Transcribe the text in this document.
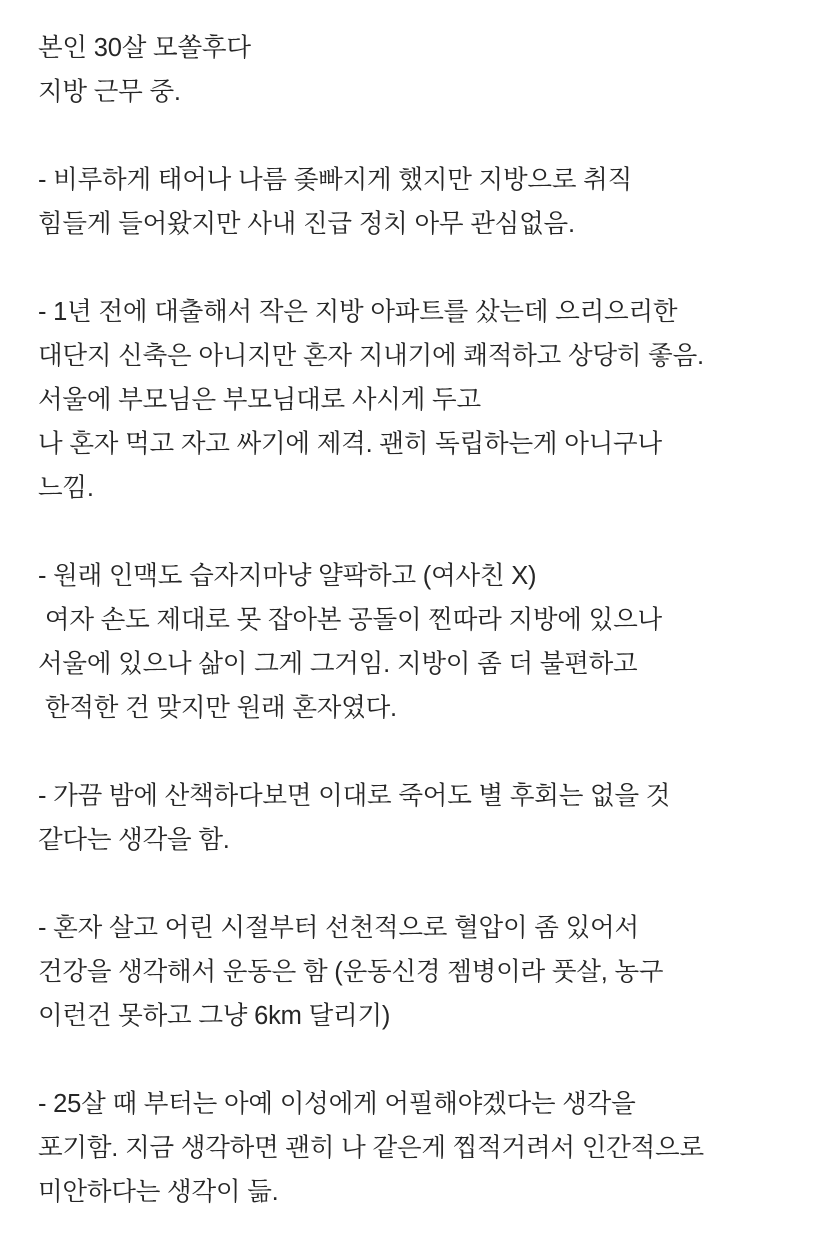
본인 30살 모쏠후다
지방 근무 중.
- 비루하게 태어나 나름 좆빠지게 했지만 지방으로 취직
힘들게 들어왔지만 사내 진급 정치 아무 관심없음.
- 1년 전에 대출해서 작은 지방 아파트를 샀는데 으리으리한
대단지 신축은 아니지만 혼자 지내기에 쾌적하고 상당히 좋음.
서울에 부모님은 부모님대로 사시게 두고
나 혼자 먹고 자고 싸기에 제격. 괜히 독립하는게 아니구나
느낌.
- 원래 인맥도 습자지마냥 얄팍하고 (여사친 X)
여자 손도 제대로 못 잡아본 공돌이 찐따라 지방에 있으나
서울에 있으나 삶이 그게 그거임. 지방이 좀 더 불편하고
한적한 건 맞지만 원래 혼자였다.
- 가끔 밤에 산책하다보면 이대로 죽어도 별 후회는 없을 것
같다는 생각을 함.
- 혼자 살고 어린 시절부터 선천적으로 혈압이 좀 있어서
건강을 생각해서 운동은 함 (운동신경 젬병이라 풋살, 농구
이런건 못하고 그냥 6km 달리기)
- 25살 때 부터는 아예 이성에게 어필해야겠다는 생각을
포기함. 지금 생각하면 괜히 나 같은게 찝적거려서 인간적으로
미안하다는 생각이 듦.
